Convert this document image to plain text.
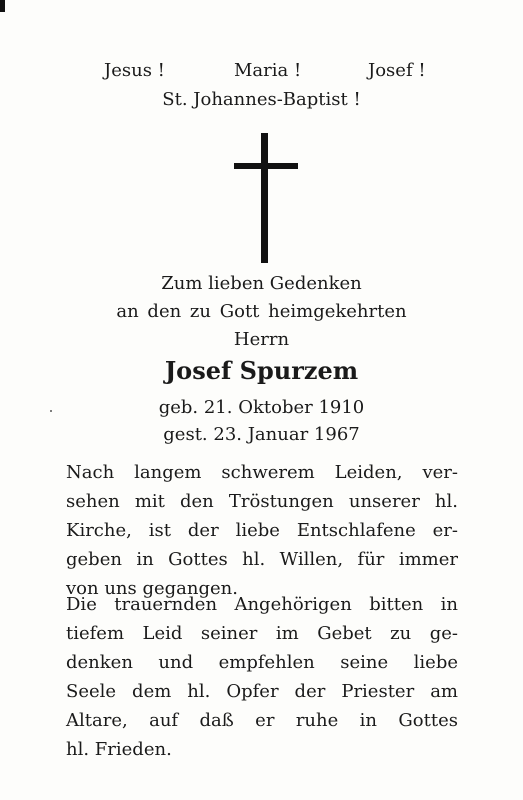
Jesus !	Maria !	Josef !
St. Johannes-Baptist !
Zum lieben Gedenken
an den zu Gott heimgekehrten
Herrn
Josef Spurzem
geb. 21. Oktober 1910
gest. 23. Januar 1967
Nach langem schwerem Leiden, ver-
sehen mit den Tröstungen unserer hl.
Kirche, ist der liebe Entschlafene er-
geben in Gottes hl. Willen, für immer
von uns gegangen.
Die trauernden Angehörigen bitten in
tiefem Leid seiner im Gebet zu ge-
denken und empfehlen seine liebe
Seele dem hl. Opfer der Priester am
Altare, auf daß er ruhe in Gottes
hl. Frieden.
